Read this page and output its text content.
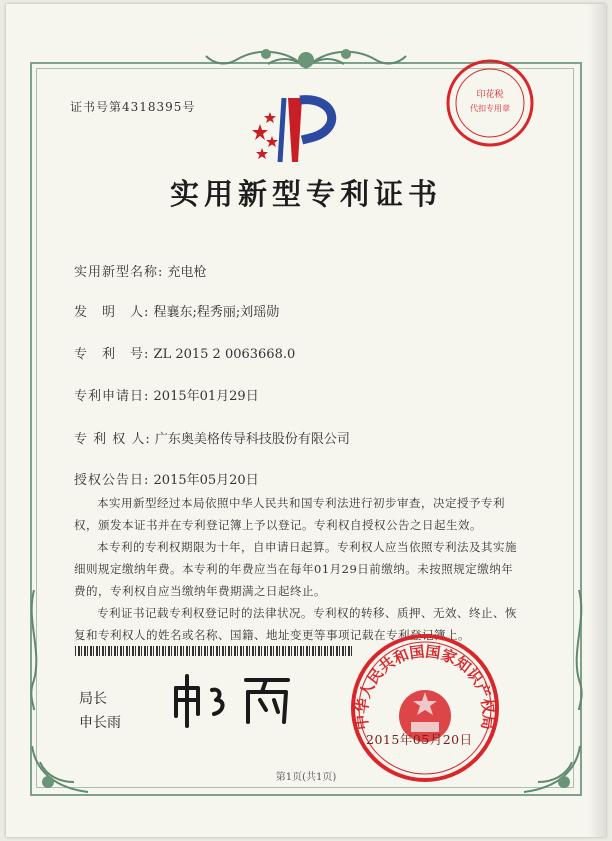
证书号第4318395号
印花税
代扣专用章
实用新型专利证书
实用新型名称: 充电枪
发　明　人: 程襄东;程秀丽;刘瑶勋
专　利　号: ZL 2015 2 0063668.0
专利申请日: 2015年01月29日
专 利 权 人: 广东奥美格传导科技股份有限公司
授权公告日: 2015年05月20日

本实用新型经过本局依照中华人民共和国专利法进行初步审查，决定授予专利权，颁发本证书并在专利登记簿上予以登记。专利权自授权公告之日起生效。

本专利的专利权期限为十年，自申请日起算。专利权人应当依照专利法及其实施细则规定缴纳年费。本专利的年费应当在每年01月29日前缴纳。未按照规定缴纳年费的，专利权自应当缴纳年费期满之日起终止。

专利证书记载专利权登记时的法律状况。专利权的转移、质押、无效、终止、恢复和专利权人的姓名或名称、国籍、地址变更等事项记载在专利登记簿上。

局长
申长雨	中华人民共和国国家知识产权局
2015年05月20日
第1页(共1页)
